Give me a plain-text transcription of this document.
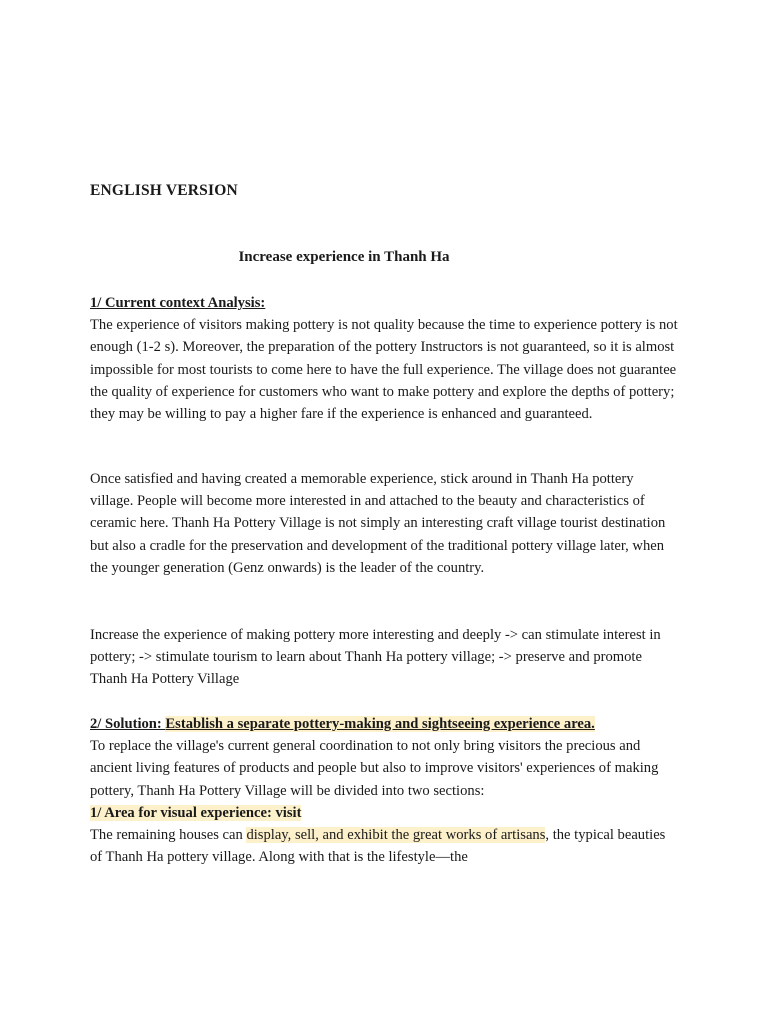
ENGLISH VERSION

Increase experience in Thanh Ha

1/ Current context Analysis:
The experience of visitors making pottery is not quality because the time to experience pottery is not enough (1-2 s). Moreover, the preparation of the pottery Instructors is not guaranteed, so it is almost impossible for most tourists to come here to have the full experience. The village does not guarantee the quality of experience for customers who want to make pottery and explore the depths of pottery; they may be willing to pay a higher fare if the experience is enhanced and guaranteed.
Once satisfied and having created a memorable experience, stick around in Thanh Ha pottery village. People will become more interested in and attached to the beauty and characteristics of ceramic here. Thanh Ha Pottery Village is not simply an interesting craft village tourist destination but also a cradle for the preservation and development of the traditional pottery village later, when the younger generation (Genz onwards) is the leader of the country.
Increase the experience of making pottery more interesting and deeply -> can stimulate interest in pottery; -> stimulate tourism to learn about Thanh Ha pottery village; -> preserve and promote Thanh Ha Pottery Village
2/ Solution: Establish a separate pottery-making and sightseeing experience area.
To replace the village's current general coordination to not only bring visitors the precious and ancient living features of products and people but also to improve visitors' experiences of making pottery, Thanh Ha Pottery Village will be divided into two sections:
1/ Area for visual experience: visit
The remaining houses can display, sell, and exhibit the great works of artisans, the typical beauties of Thanh Ha pottery village. Along with that is the lifestyle—the
